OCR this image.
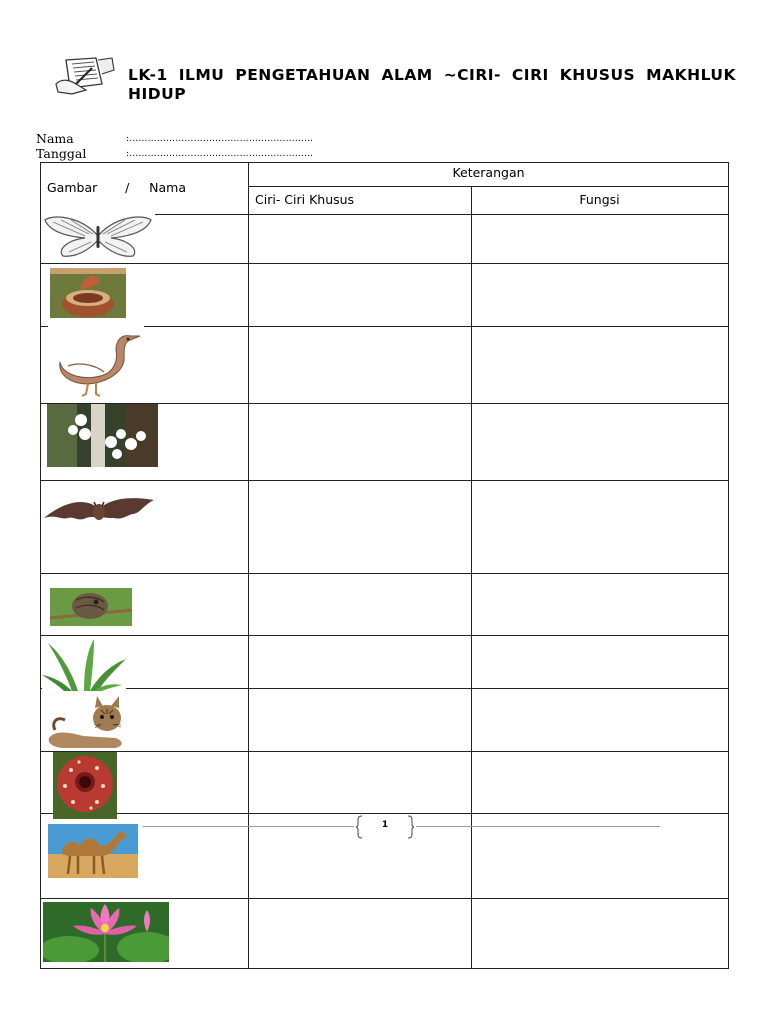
LK-1 ILMU PENGETAHUAN ALAM ~CIRI- CIRI KHUSUS MAKHLUK HIDUP
Nama	:……………………………………………………
Tanggal	:……………………………………………………
Gambar       /     Nama
Keterangan
Ciri- Ciri Khusus	Fungsi
1
